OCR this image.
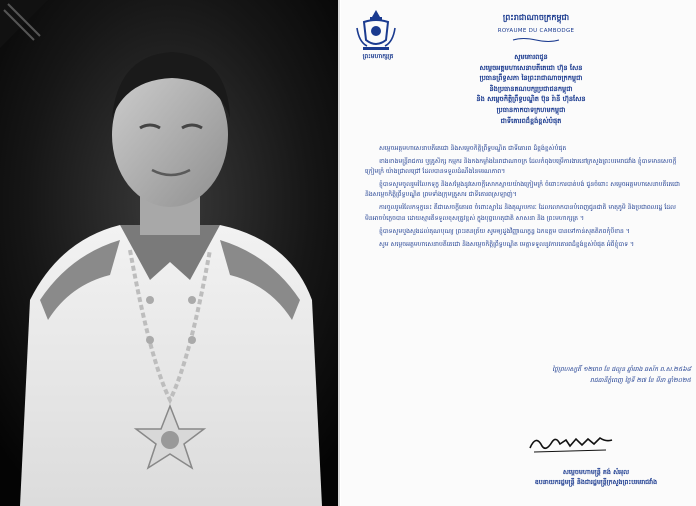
ព្រះមហាក្សត្រ
ព្រះរាជាណាចក្រកម្ពុជា
ROYAUME DU CAMBODGE
សូមគោរពជូន
សម្តេចអគ្គមហាសេនាបតីតេជោ ហ៊ុន សែន
ប្រធានព្រឹទ្ធសភា នៃព្រះរាជាណាចក្រកម្ពុជា
និងប្រធានគណបក្សប្រជាជនកម្ពុជា
និង សម្តេចកិត្តិព្រឹទ្ធបណ្ឌិត ប៊ុន រ៉ានី ហ៊ុនសែន
ប្រធានកាកបាទក្រហមកម្ពុជា
ជាទីគោរពដ៏ខ្ពង់ខ្ពស់បំផុត

សម្តេចអគ្គមហាសេនាបតីតេជោ និងសម្តេចកិត្តិព្រឹទ្ធបណ្ឌិត ជាទីគោរព ដ៏ខ្ពង់ខ្ពស់បំផុត

ខាងខាងមន្ត្រីរាជការ ឬគ្រូសិក្ស កម្មករ និងកងកម្លាំងនៃរាជាណាចក្រ ដែលកំពុងបម្រើការងារនៅក្រសួងព្រះបរមរាជវាំង ខ្ញុំបាទមានសេចក្តីក្រៀមក្រំ យ៉ាងជ្រាលជ្រៅ ដែលបានទទួលដំណឹងនៃមរណភាព។

ខ្ញុំបាទសូមចូលរួមរំលែកទុក្ខ និងសម្តែងនូវសេចក្តីសោកស្តាយយ៉ាងក្រៀមក្រំ ចំពោះការបាត់បង់ ជូនចំពោះ សម្តេចអគ្គមហាសេនាបតីតេជោ និងសម្តេចកិត្តិព្រឹទ្ធបណ្ឌិត ព្រមទាំងក្រុមគ្រួសារ ជាទីគោរពស្រឡាញ់។

ការចូលរួមរំលែកទុក្ខនេះ គឺជាសេចក្តីគោរព ចំពោះស្នាដៃ និងគុណូបការៈ ដែលលោកបានបំពេញជូនជាតិ មាតុភូមិ និងប្រជាពលរដ្ឋ ដែលមិនអាចបំភ្លេចបាន ដោយស្មារតីទទួលខុសត្រូវខ្ពស់ ក្នុងបុព្វហេតុជាតិ សាសនា និង ព្រះមហាក្សត្រ ។

ខ្ញុំបាទសូមបួងសួងដល់គុណបុណ្យ ព្រះរតនត្រ័យ សូមឲ្យដួងវិញ្ញាណក្ខន្ធ ឯកឧត្តម បានទៅកាន់សុគតិភពកុំបីខាន ។

សូម សម្តេចអគ្គមហាសេនាបតីតេជោ និងសម្តេចកិត្តិព្រឹទ្ធបណ្ឌិត មេត្តាទទួលនូវការគោរពដ៏ខ្ពង់ខ្ពស់បំផុត អំពីខ្ញុំបាទ ។

ថ្ងៃព្រហស្បតិ៍ ១២រោច ខែ ផល្គុន ឆ្នាំរោង ឆស័ក ព.ស.២៥៦៨
រាជធានីភ្នំពេញ ថ្ងៃទី ២៧ ខែ មីនា ឆ្នាំ២០២៥
សម្តេចមហាមន្ត្រី គង់ សំអុល
ឧបនាយករដ្ឋមន្ត្រី និងជារដ្ឋមន្ត្រីក្រសួងព្រះបរមរាជវាំង
